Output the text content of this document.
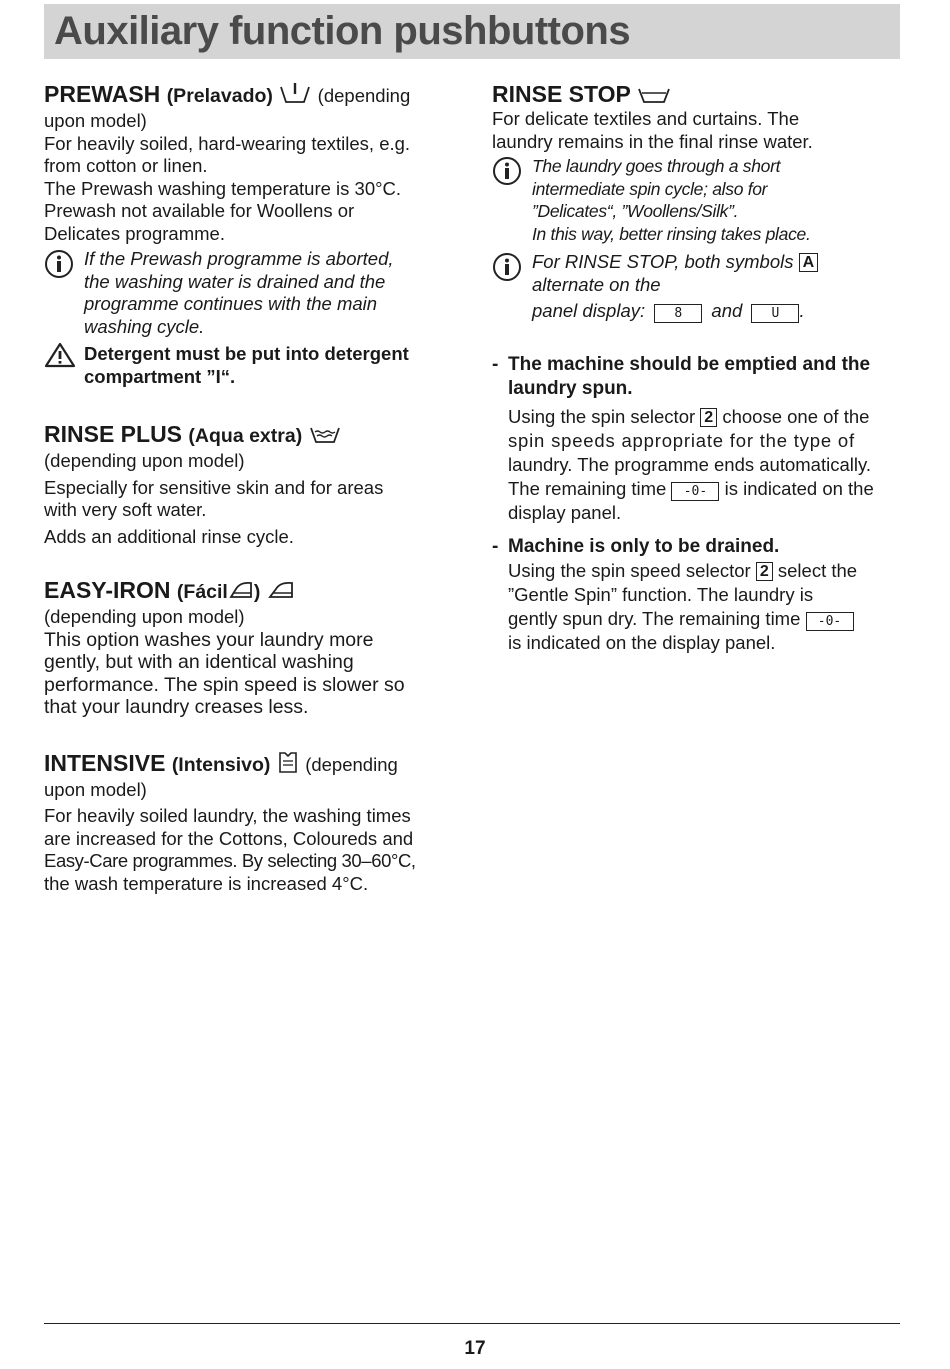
Auxiliary function pushbuttons
PREWASH (Prelavado) (depending
upon model)
For heavily soiled, hard-wearing textiles, e.g.
from cotton or linen.
The Prewash washing temperature is 30°C.
Prewash not available for Woollens or
Delicates programme.
If the Prewash programme is aborted,
the washing water is drained and the
programme continues with the main
washing cycle.
Detergent must be put into detergent
compartment ”I“.
RINSE PLUS (Aqua extra)
(depending upon model)
Especially for sensitive skin and for areas
with very soft water.
Adds an additional rinse cycle.
EASY-IRON (Fácil )
(depending upon model)
This option washes your laundry more
gently, but with an identical washing
performance. The spin speed is slower so
that your laundry creases less.
INTENSIVE (Intensivo) (depending
upon model)
For heavily soiled laundry, the washing times
are increased for the Cottons, Coloureds and
Easy-Care programmes. By selecting 30–60°C,
the wash temperature is increased 4°C.
RINSE STOP
For delicate textiles and curtains. The
laundry remains in the final rinse water.
The laundry goes through a short
intermediate spin cycle; also for
”Delicates“, ”Woollens/Silk”.
In this way, better rinsing takes place.
For RINSE STOP, both symbols A
alternate on the
panel display: 8 and U .
- The machine should be emptied and the
laundry spun.
Using the spin selector 2 choose one of the
spin speeds appropriate for the type of
laundry. The programme ends automatically.
The remaining time -0- is indicated on the
display panel.
- Machine is only to be drained.
Using the spin speed selector 2 select the
”Gentle Spin” function. The laundry is
gently spun dry. The remaining time -0-
is indicated on the display panel.
17
